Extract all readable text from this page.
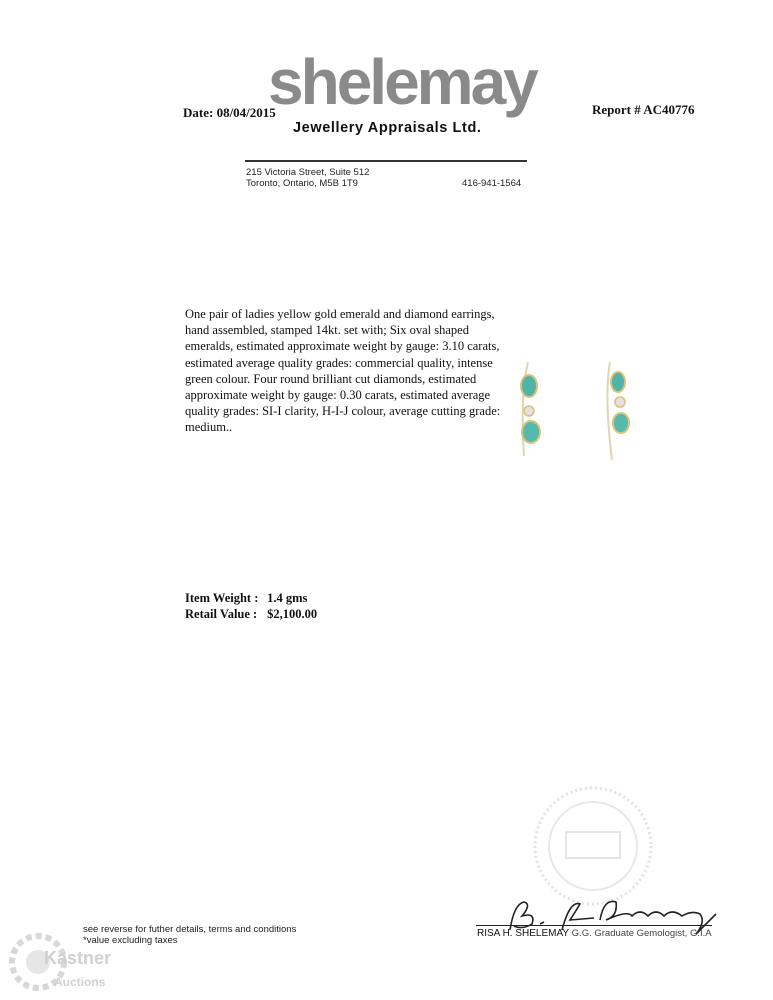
Date: 08/04/2015
shelemay
Jewellery Appraisals Ltd.
Report # AC40776
215 Victoria Street, Suite 512
Toronto, Ontario, M5B 1T9	416-941-1564
One pair of ladies yellow gold emerald and diamond earrings, hand assembled, stamped 14kt. set with; Six oval shaped emeralds, estimated approximate weight by gauge: 3.10 carats, estimated average quality grades: commercial quality, intense green colour. Four round brilliant cut diamonds, estimated approximate weight by gauge: 0.30 carats, estimated average quality grades: SI-I clarity, H-I-J colour, average cutting grade: medium..
Item Weight : 1.4 gms
Retail Value : $2,100.00
RISA H. SHELEMAY G.G. Graduate Gemologist, G.I.A
see reverse for futher details, terms and conditions
*value excluding taxes
Kastner
Auctions
